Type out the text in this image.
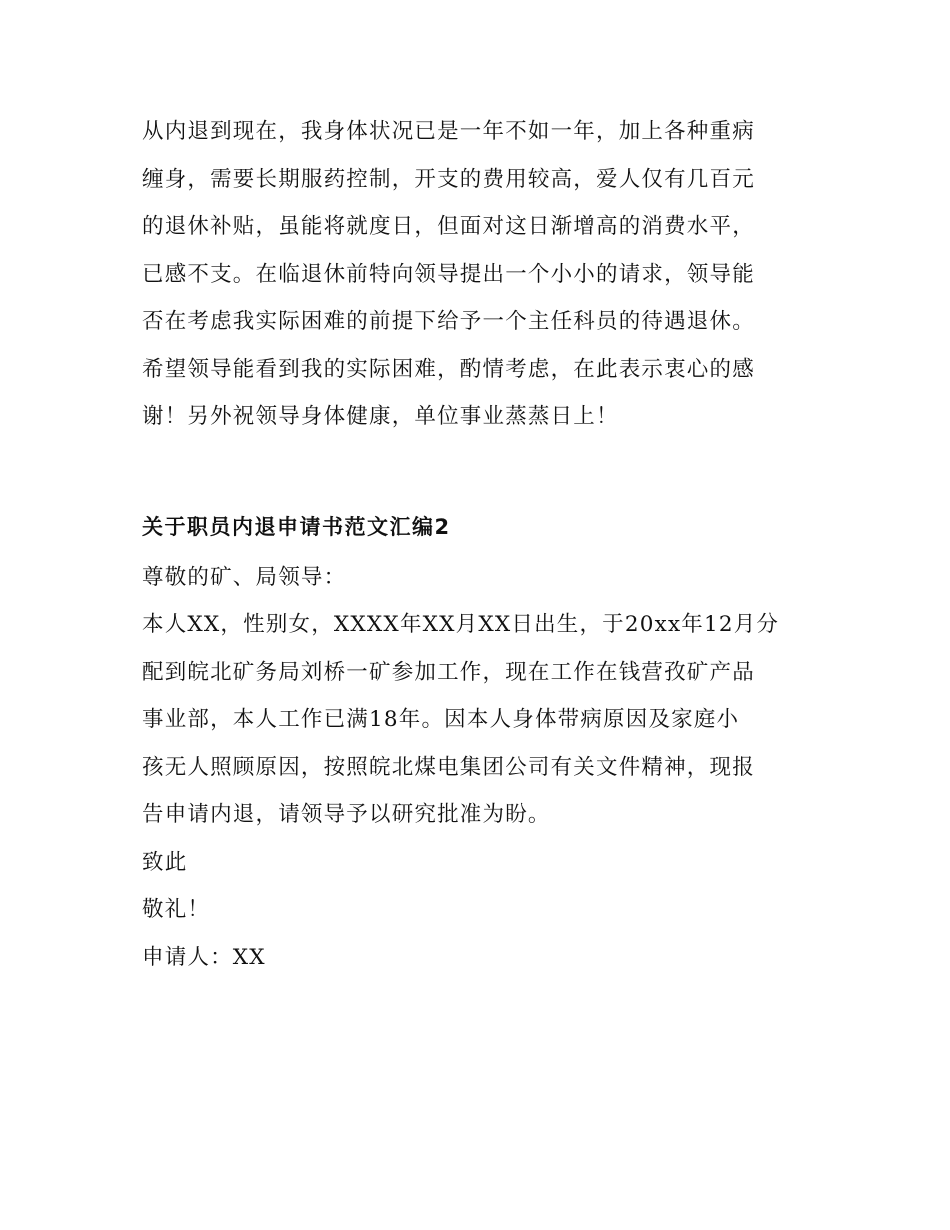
从内退到现在，我身体状况已是一年不如一年，加上各种重病
缠身，需要长期服药控制，开支的费用较高，爱人仅有几百元
的退休补贴，虽能将就度日，但面对这日渐增高的消费水平，
已感不支。在临退休前特向领导提出一个小小的请求，领导能
否在考虑我实际困难的前提下给予一个主任科员的待遇退休。
希望领导能看到我的实际困难，酌情考虑，在此表示衷心的感
谢！另外祝领导身体健康，单位事业蒸蒸日上！

关于职员内退申请书范文汇编2

尊敬的矿、局领导：

本人XX，性别女，XXXX年XX月XX日出生，于20xx年12月分
配到皖北矿务局刘桥一矿参加工作，现在工作在钱营孜矿产品
事业部，本人工作已满18年。因本人身体带病原因及家庭小
孩无人照顾原因，按照皖北煤电集团公司有关文件精神，现报
告申请内退，请领导予以研究批准为盼。

致此

敬礼！

申请人：XX
